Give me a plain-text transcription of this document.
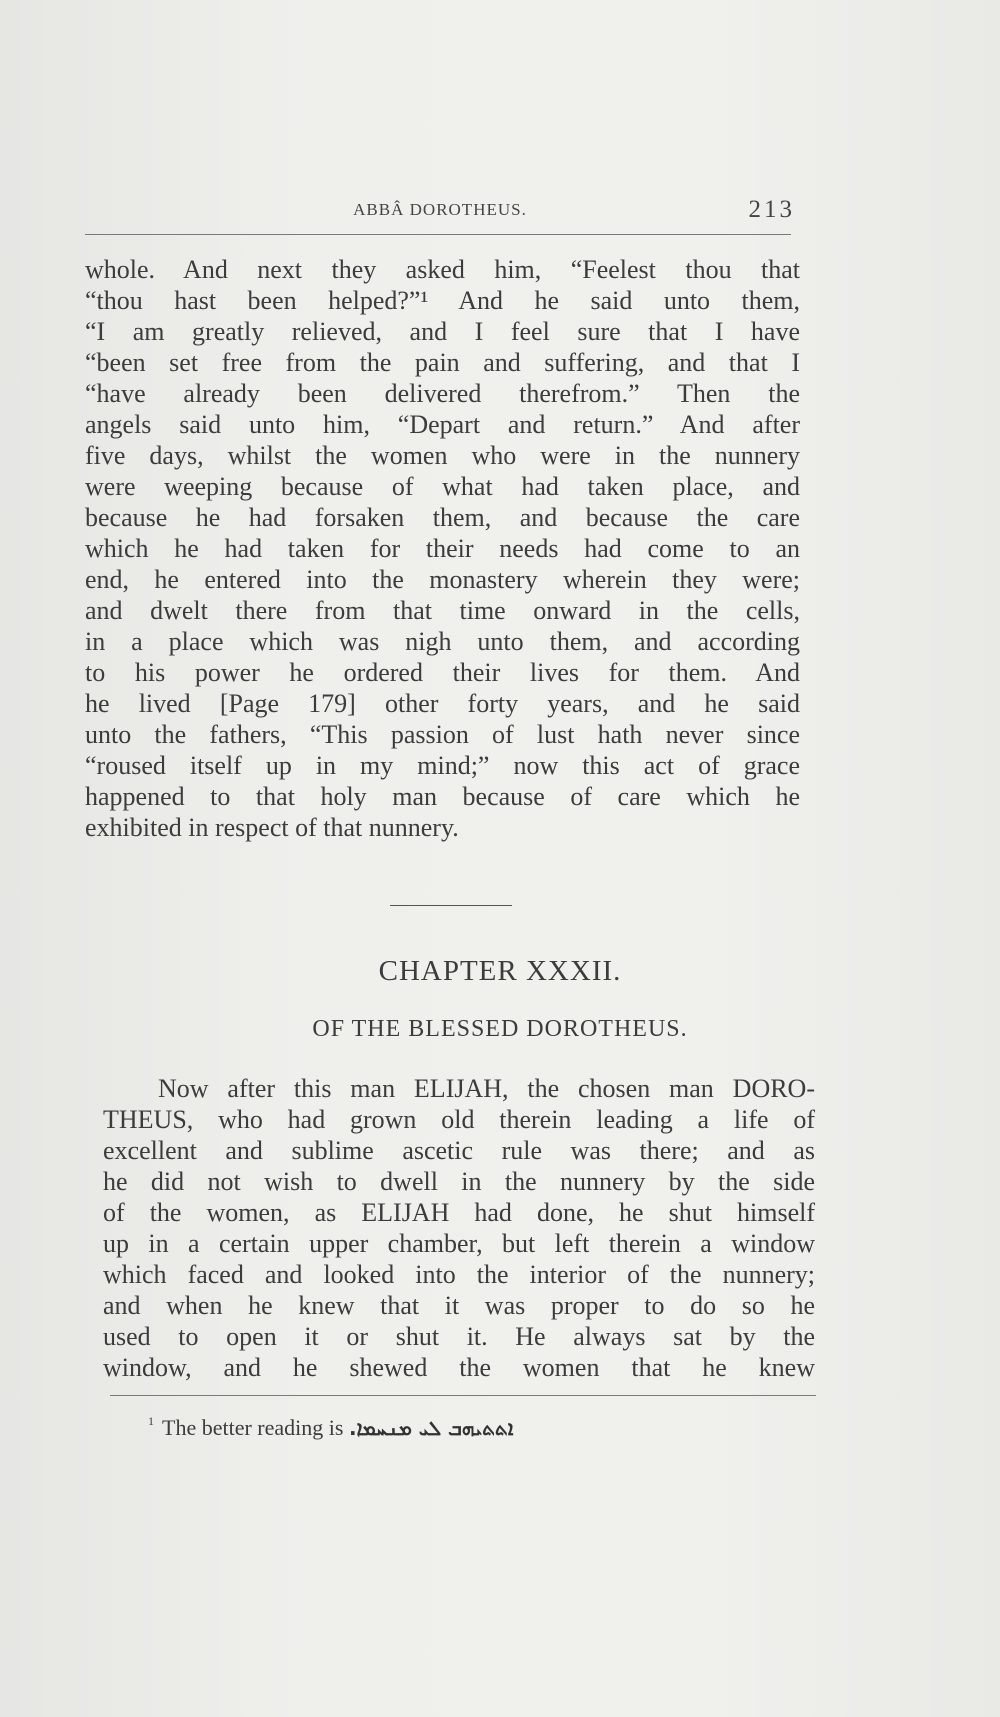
ABBÂ DOROTHEUS.	213
whole. And next they asked him, “Feelest thou that
“thou hast been helped?”¹ And he said unto them,
“I am greatly relieved, and I feel sure that I have
“been set free from the pain and suffering, and that I
“have already been delivered therefrom.” Then the
angels said unto him, “Depart and return.” And after
five days, whilst the women who were in the nunnery
were weeping because of what had taken place, and
because he had forsaken them, and because the care
which he had taken for their needs had come to an
end, he entered into the monastery wherein they were;
and dwelt there from that time onward in the cells,
in a place which was nigh unto them, and according
to his power he ordered their lives for them. And
he lived [Page 179] other forty years, and he said
unto the fathers, “This passion of lust hath never since
“roused itself up in my mind;” now this act of grace
happened to that holy man because of care which he
exhibited in respect of that nunnery.
CHAPTER XXXII.
OF THE BLESSED DOROTHEUS.
Now after this man ELIJAH, the chosen man DORO-
THEUS, who had grown old therein leading a life of
excellent and sublime ascetic rule was there; and as
he did not wish to dwell in the nunnery by the side
of the women, as ELIJAH had done, he shut himself
up in a certain upper chamber, but left therein a window
which faced and looked into the interior of the nunnery;
and when he knew that it was proper to do so he
used to open it or shut it. He always sat by the
window, and he shewed the women that he knew
$^1$ The better reading is ܐܬܬܝܗܒ ܠܝ ܡܢܚܡܐ.
